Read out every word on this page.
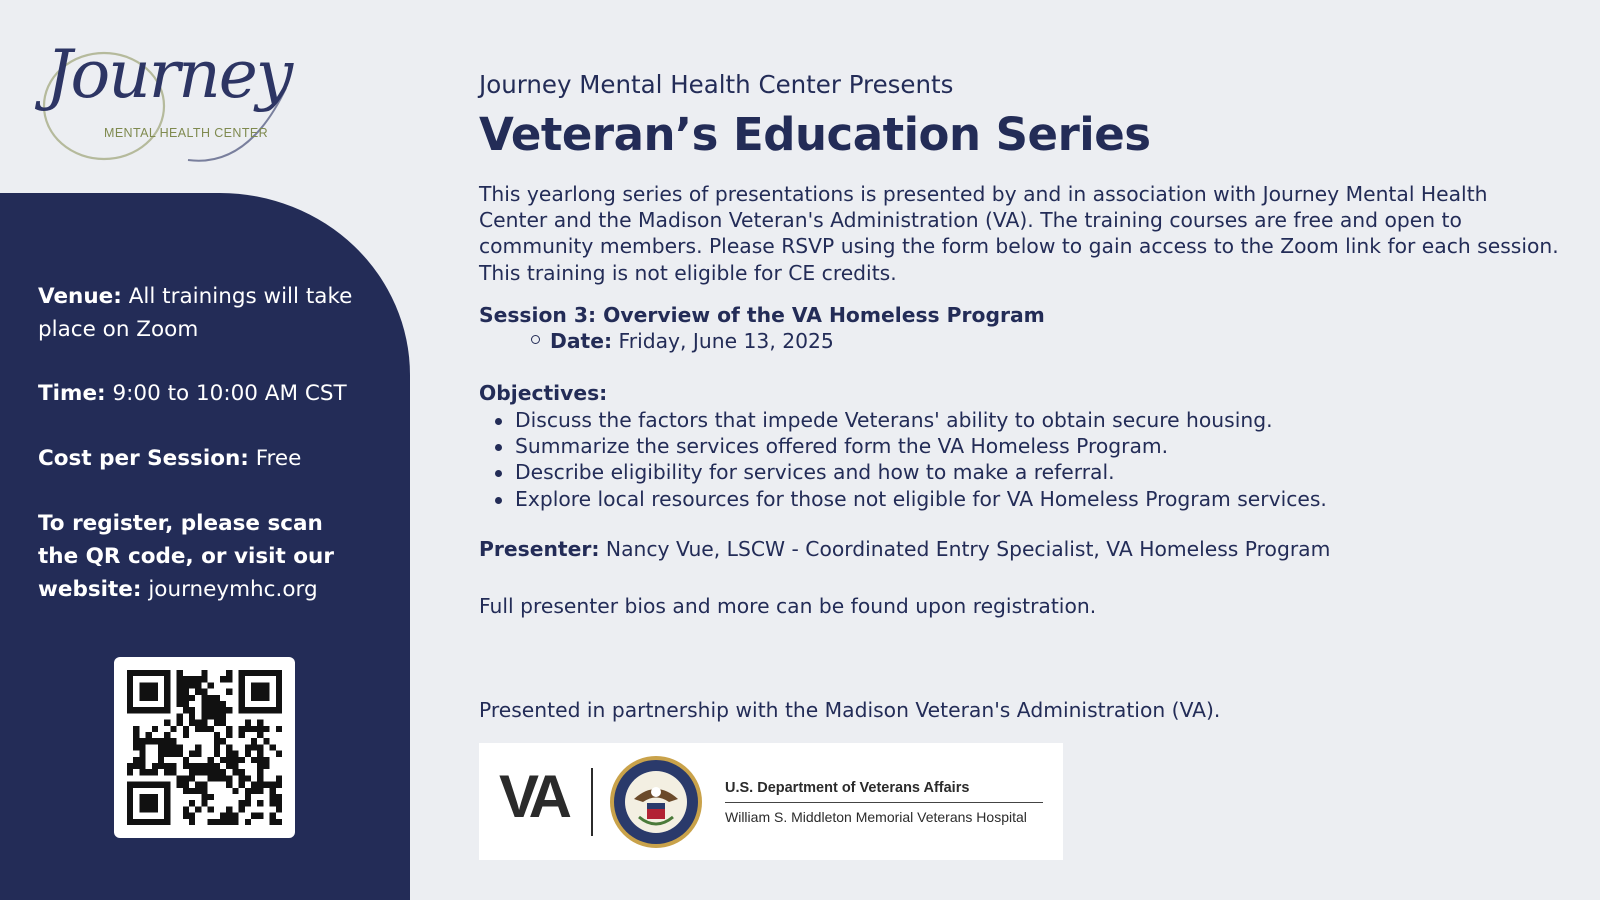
Journey
MENTAL HEALTH CENTER

Venue: All trainings will take place on Zoom

Time: 9:00 to 10:00 AM CST

Cost per Session: Free

To register, please scan the QR code, or visit our website: journeymhc.org

Journey Mental Health Center Presents
Veteran’s Education Series

This yearlong series of presentations is presented by and in association with Journey Mental Health Center and the Madison Veteran's Administration (VA). The training courses are free and open to community members. Please RSVP using the form below to gain access to the Zoom link for each session. This training is not eligible for CE credits.

Session 3: Overview of the VA Homeless Program
Date: Friday, June 13, 2025
Objectives:
Discuss the factors that impede Veterans' ability to obtain secure housing.
Summarize the services offered form the VA Homeless Program.
Describe eligibility for services and how to make a referral.
Explore local resources for those not eligible for VA Homeless Program services.
Presenter: Nancy Vue, LSCW - Coordinated Entry Specialist, VA Homeless Program
Full presenter bios and more can be found upon registration.
Presented in partnership with the Madison Veteran's Administration (VA).
VA	U.S. Department of Veterans Affairs
William S. Middleton Memorial Veterans Hospital
